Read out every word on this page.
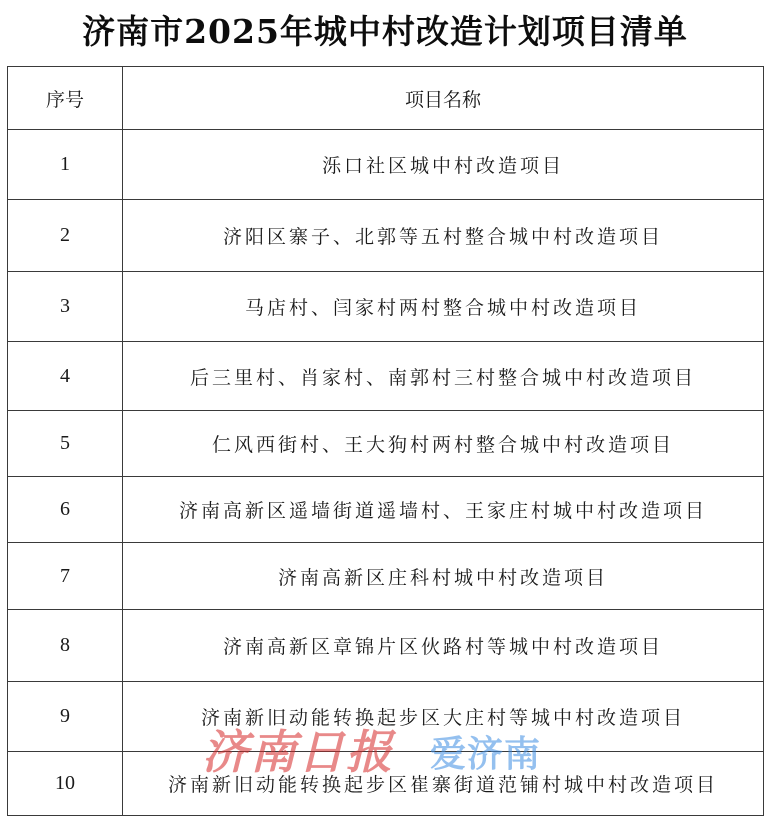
济南市2025年城中村改造计划项目清单
序号	项目名称
1	泺口社区城中村改造项目
2	济阳区寨子、北郭等五村整合城中村改造项目
3	马店村、闫家村两村整合城中村改造项目
4	后三里村、肖家村、南郭村三村整合城中村改造项目
5	仁风西街村、王大狗村两村整合城中村改造项目
6	济南高新区遥墙街道遥墙村、王家庄村城中村改造项目
7	济南高新区庄科村城中村改造项目
8	济南高新区章锦片区伙路村等城中村改造项目
9	济南新旧动能转换起步区大庄村等城中村改造项目
10	济南新旧动能转换起步区崔寨街道范铺村城中村改造项目
济南日报 爱济南
